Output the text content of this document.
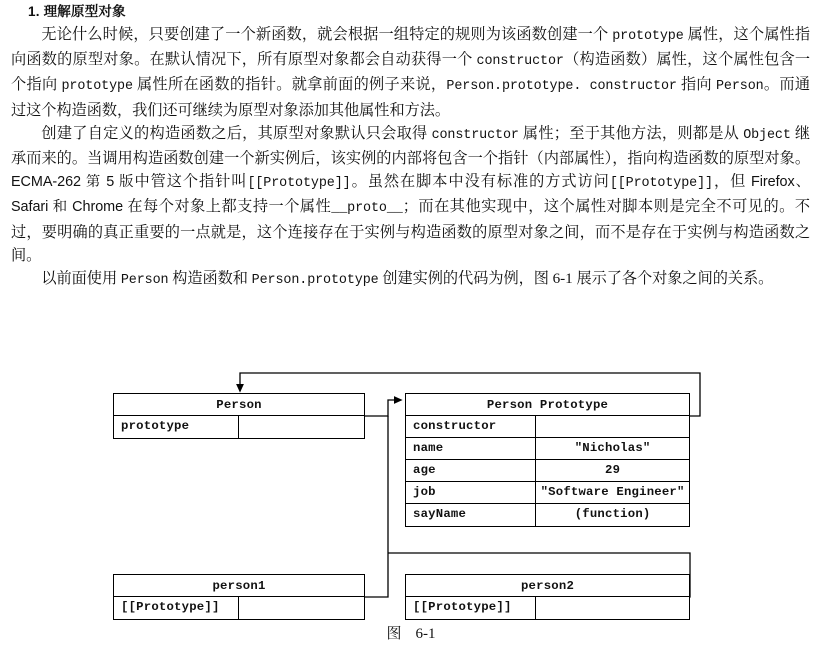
1. 理解原型对象

无论什么时候，只要创建了一个新函数，就会根据一组特定的规则为该函数创建一个 prototype 属性，这个属性指向函数的原型对象。在默认情况下，所有原型对象都会自动获得一个 constructor（构造函数）属性，这个属性包含一个指向 prototype 属性所在函数的指针。就拿前面的例子来说，Person.prototype. constructor 指向 Person。而通过这个构造函数，我们还可继续为原型对象添加其他属性和方法。

创建了自定义的构造函数之后，其原型对象默认只会取得 constructor 属性；至于其他方法，则都是从 Object 继承而来的。当调用构造函数创建一个新实例后，该实例的内部将包含一个指针（内部属性），指向构造函数的原型对象。ECMA-262 第 5 版中管这个指针叫[[Prototype]]。虽然在脚本中没有标准的方式访问[[Prototype]]，但 Firefox、Safari 和 Chrome 在每个对象上都支持一个属性__proto__；而在其他实现中，这个属性对脚本则是完全不可见的。不过，要明确的真正重要的一点就是，这个连接存在于实例与构造函数的原型对象之间，而不是存在于实例与构造函数之间。

以前面使用 Person 构造函数和 Person.prototype 创建实例的代码为例，图 6-1 展示了各个对象之间的关系。

Person
prototype
Person Prototype
constructor
name	"Nicholas"
age	29
job	"Software Engineer"
sayName	(function)
person1
[[Prototype]]
person2
[[Prototype]]
图 6-1
